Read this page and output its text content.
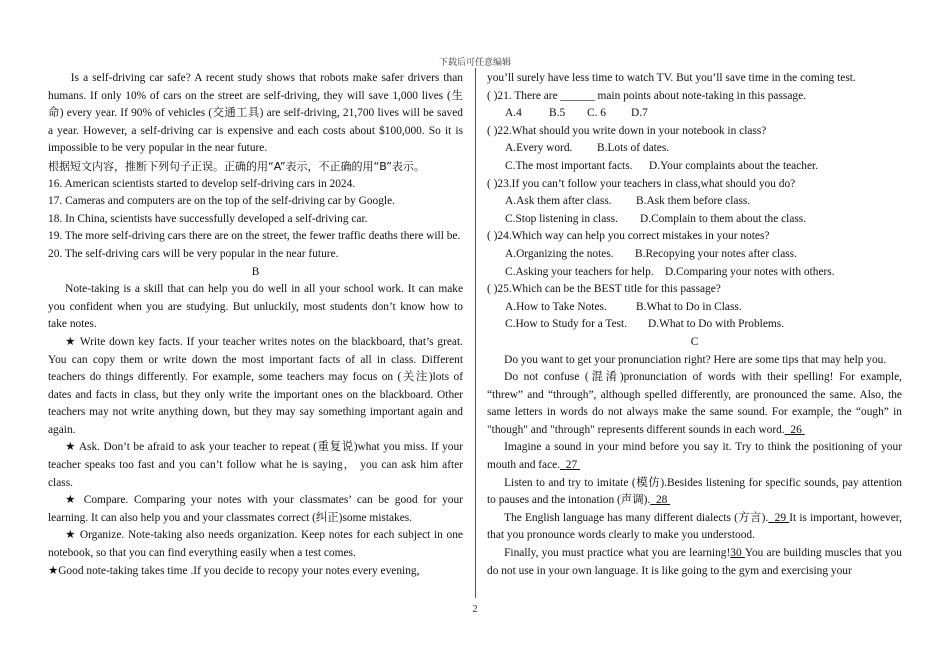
下载后可任意编辑

Is a self-driving car safe? A recent study shows that robots make safer drivers than humans. If only 10% of cars on the street are self-driving, they will save 1,000 lives (生命) every year. If 90% of vehicles (交通工具) are self-driving, 21,700 lives will be saved a year. However, a self-driving car is expensive and each costs about $100,000. So it is impossible to be very popular in the near future.

根据短文内容，推断下列句子正误。正确的用“A”表示，不正确的用“B”表示。

16. American scientists started to develop self-driving cars in 2024.

17. Cameras and computers are on the top of the self-driving car by Google.

18. In China, scientists have successfully developed a self-driving car.

19. The more self-driving cars there are on the street, the fewer traffic deaths there will be.

20. The self-driving cars will be very popular in the near future.

B

Note-taking is a skill that can help you do well in all your school work. It can make you confident when you are studying. But unluckily, most students don’t know how to take notes.

★ Write down key facts. If your teacher writes notes on the blackboard, that’s great. You can copy them or write down the most important facts of all in class. Different teachers do things differently. For example, some teachers may focus on (关注)lots of dates and facts in class, but they only write the important ones on the blackboard. Other teachers may not write anything down, but they may say something important again and again.

★ Ask. Don’t be afraid to ask your teacher to repeat (重复说)what you miss. If your teacher speaks too fast and you can’t follow what he is saying， you can ask him after class.

★ Compare. Comparing your notes with your classmates’ can be good for your learning. It can also help you and your classmates correct (纠正)some mistakes.

★ Organize. Note-taking also needs organization. Keep notes for each subject in one notebook, so that you can find everything easily when a test comes.

★Good note-taking takes time .If you decide to recopy your notes every evening,

you’ll surely have less time to watch TV. But you’ll save time in the coming test.

( )21. There are ______ main points about note-taking in this passage.

A.4 B.5 C. 6 D.7

( )22.What should you write down in your notebook in class?

A.Every word. B.Lots of dates.

C.The most important facts. D.Your complaints about the teacher.

( )23.If you can’t follow your teachers in class,what should you do?

A.Ask them after class. B.Ask them before class.

C.Stop listening in class. D.Complain to them about the class.

( )24.Which way can help you correct mistakes in your notes?

A.Organizing the notes. B.Recopying your notes after class.

C.Asking your teachers for help. D.Comparing your notes with others.

( )25.Which can be the BEST title for this passage?

A.How to Take Notes.	B.What to Do in Class.

C.How to Study for a Test. D.What to Do with Problems.

C

Do you want to get your pronunciation right? Here are some tips that may help you.

Do not confuse (混淆)pronunciation of words with their spelling! For example, “threw” and “through”, although spelled differently, are pronounced the same. Also, the same letters in words do not always make the same sound. For example, the “ough” in "though" and "through" represents different sounds in each word. 26

Imagine a sound in your mind before you say it. Try to think the positioning of your mouth and face. 27

Listen to and try to imitate (模仿).Besides listening for specific sounds, pay attention to pauses and the intonation (声调). 28

The English language has many different dialects (方言). 29 It is important, however, that you pronounce words clearly to make you understood.

Finally, you must practice what you are learning!30 You are building muscles that you do not use in your own language. It is like going to the gym and exercising your

2
